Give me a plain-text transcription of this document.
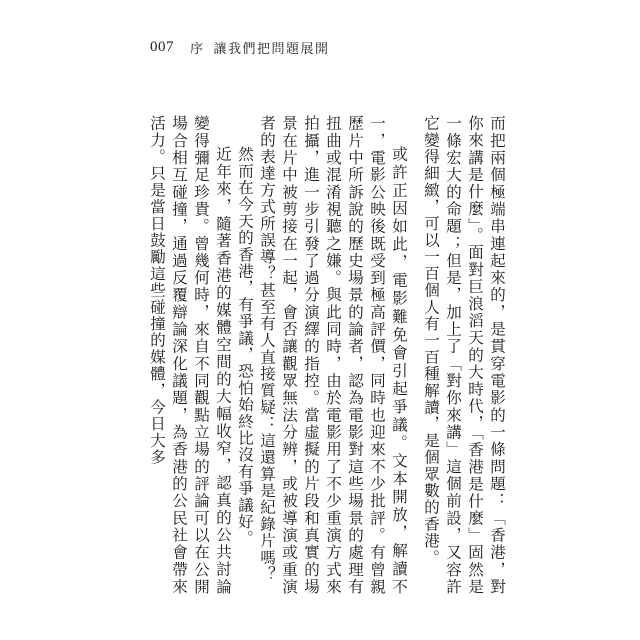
007 序 讓我們把問題展開

而把兩個極端串連起來的，是貫穿電影的一條問題：「香港，對你來講是什麼」。面對巨浪滔天的大時代，「香港是什麼」固然是一條宏大的命題；但是，加上了「對你來講」這個前設，又容許它變得細緻，可以一百個人有一百種解讀，是個眾數的香港。

或許正因如此，電影難免會引起爭議。文本開放，解讀不一，電影公映後既受到極高評價，同時也迎來不少批評。有曾親歷片中所訴說的歷史場景的論者，認為電影對這些場景的處理有扭曲或混淆視聽之嫌。與此同時，由於電影用了不少重演方式來拍攝，進一步引發了過分演繹的指控。當虛擬的片段和真實的場景在片中被剪接在一起，會否讓觀眾無法分辨，或被導演或重演者的表達方式所誤導？甚至有人直接質疑：這還算是紀錄片嗎？

然而在今天的香港，有爭議，恐怕始終比沒有爭議好。

近年來，隨著香港的媒體空間的大幅收窄，認真的公共討論變得彌足珍貴。曾幾何時，來自不同觀點立場的評論可以在公開場合相互碰撞，通過反覆辯論深化議題，為香港的公民社會帶來活力。只是當日鼓勵這些碰撞的媒體，今日大多
